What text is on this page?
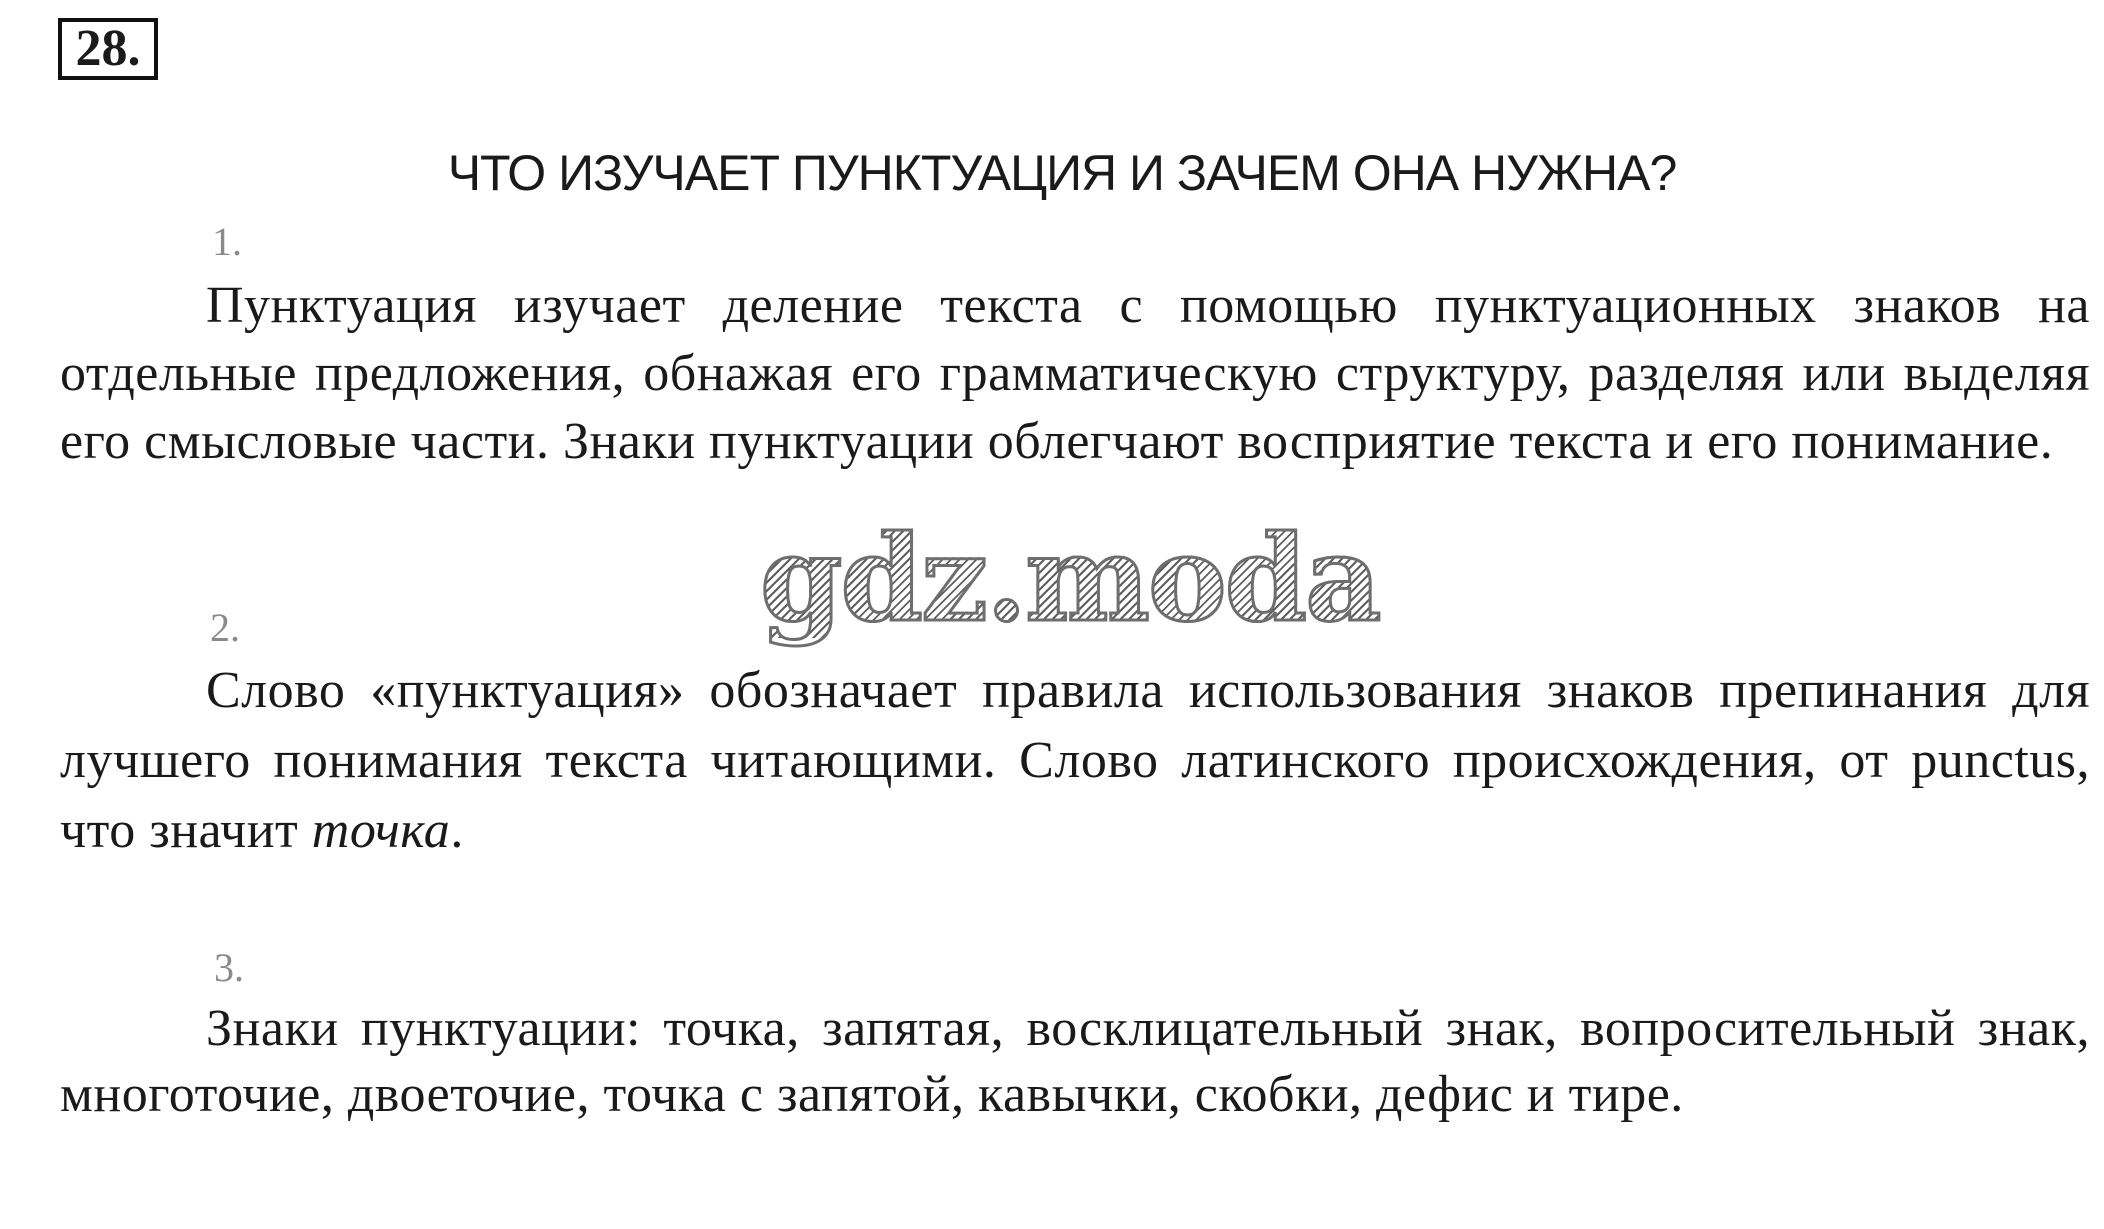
28.
ЧТО ИЗУЧАЕТ ПУНКТУАЦИЯ И ЗАЧЕМ ОНА НУЖНА?
1.

Пунктуация изучает деление текста с помощью пунктуационных знаков на отдельные предложения, обнажая его грамматическую структуру, разделяя или выделяя его смысловые части. Знаки пунктуации облегчают восприятие текста и его понимание.

2.

Слово «пунктуация» обозначает правила использования знаков препинания для лучшего понимания текста читающими. Слово латинского происхождения, от punctus, что значит точка.

3.

Знаки пунктуации: точка, запятая, восклицательный знак, вопросительный знак, многоточие, двоеточие, точка с запятой, кавычки, скобки, дефис и тире.

gdz.moda
